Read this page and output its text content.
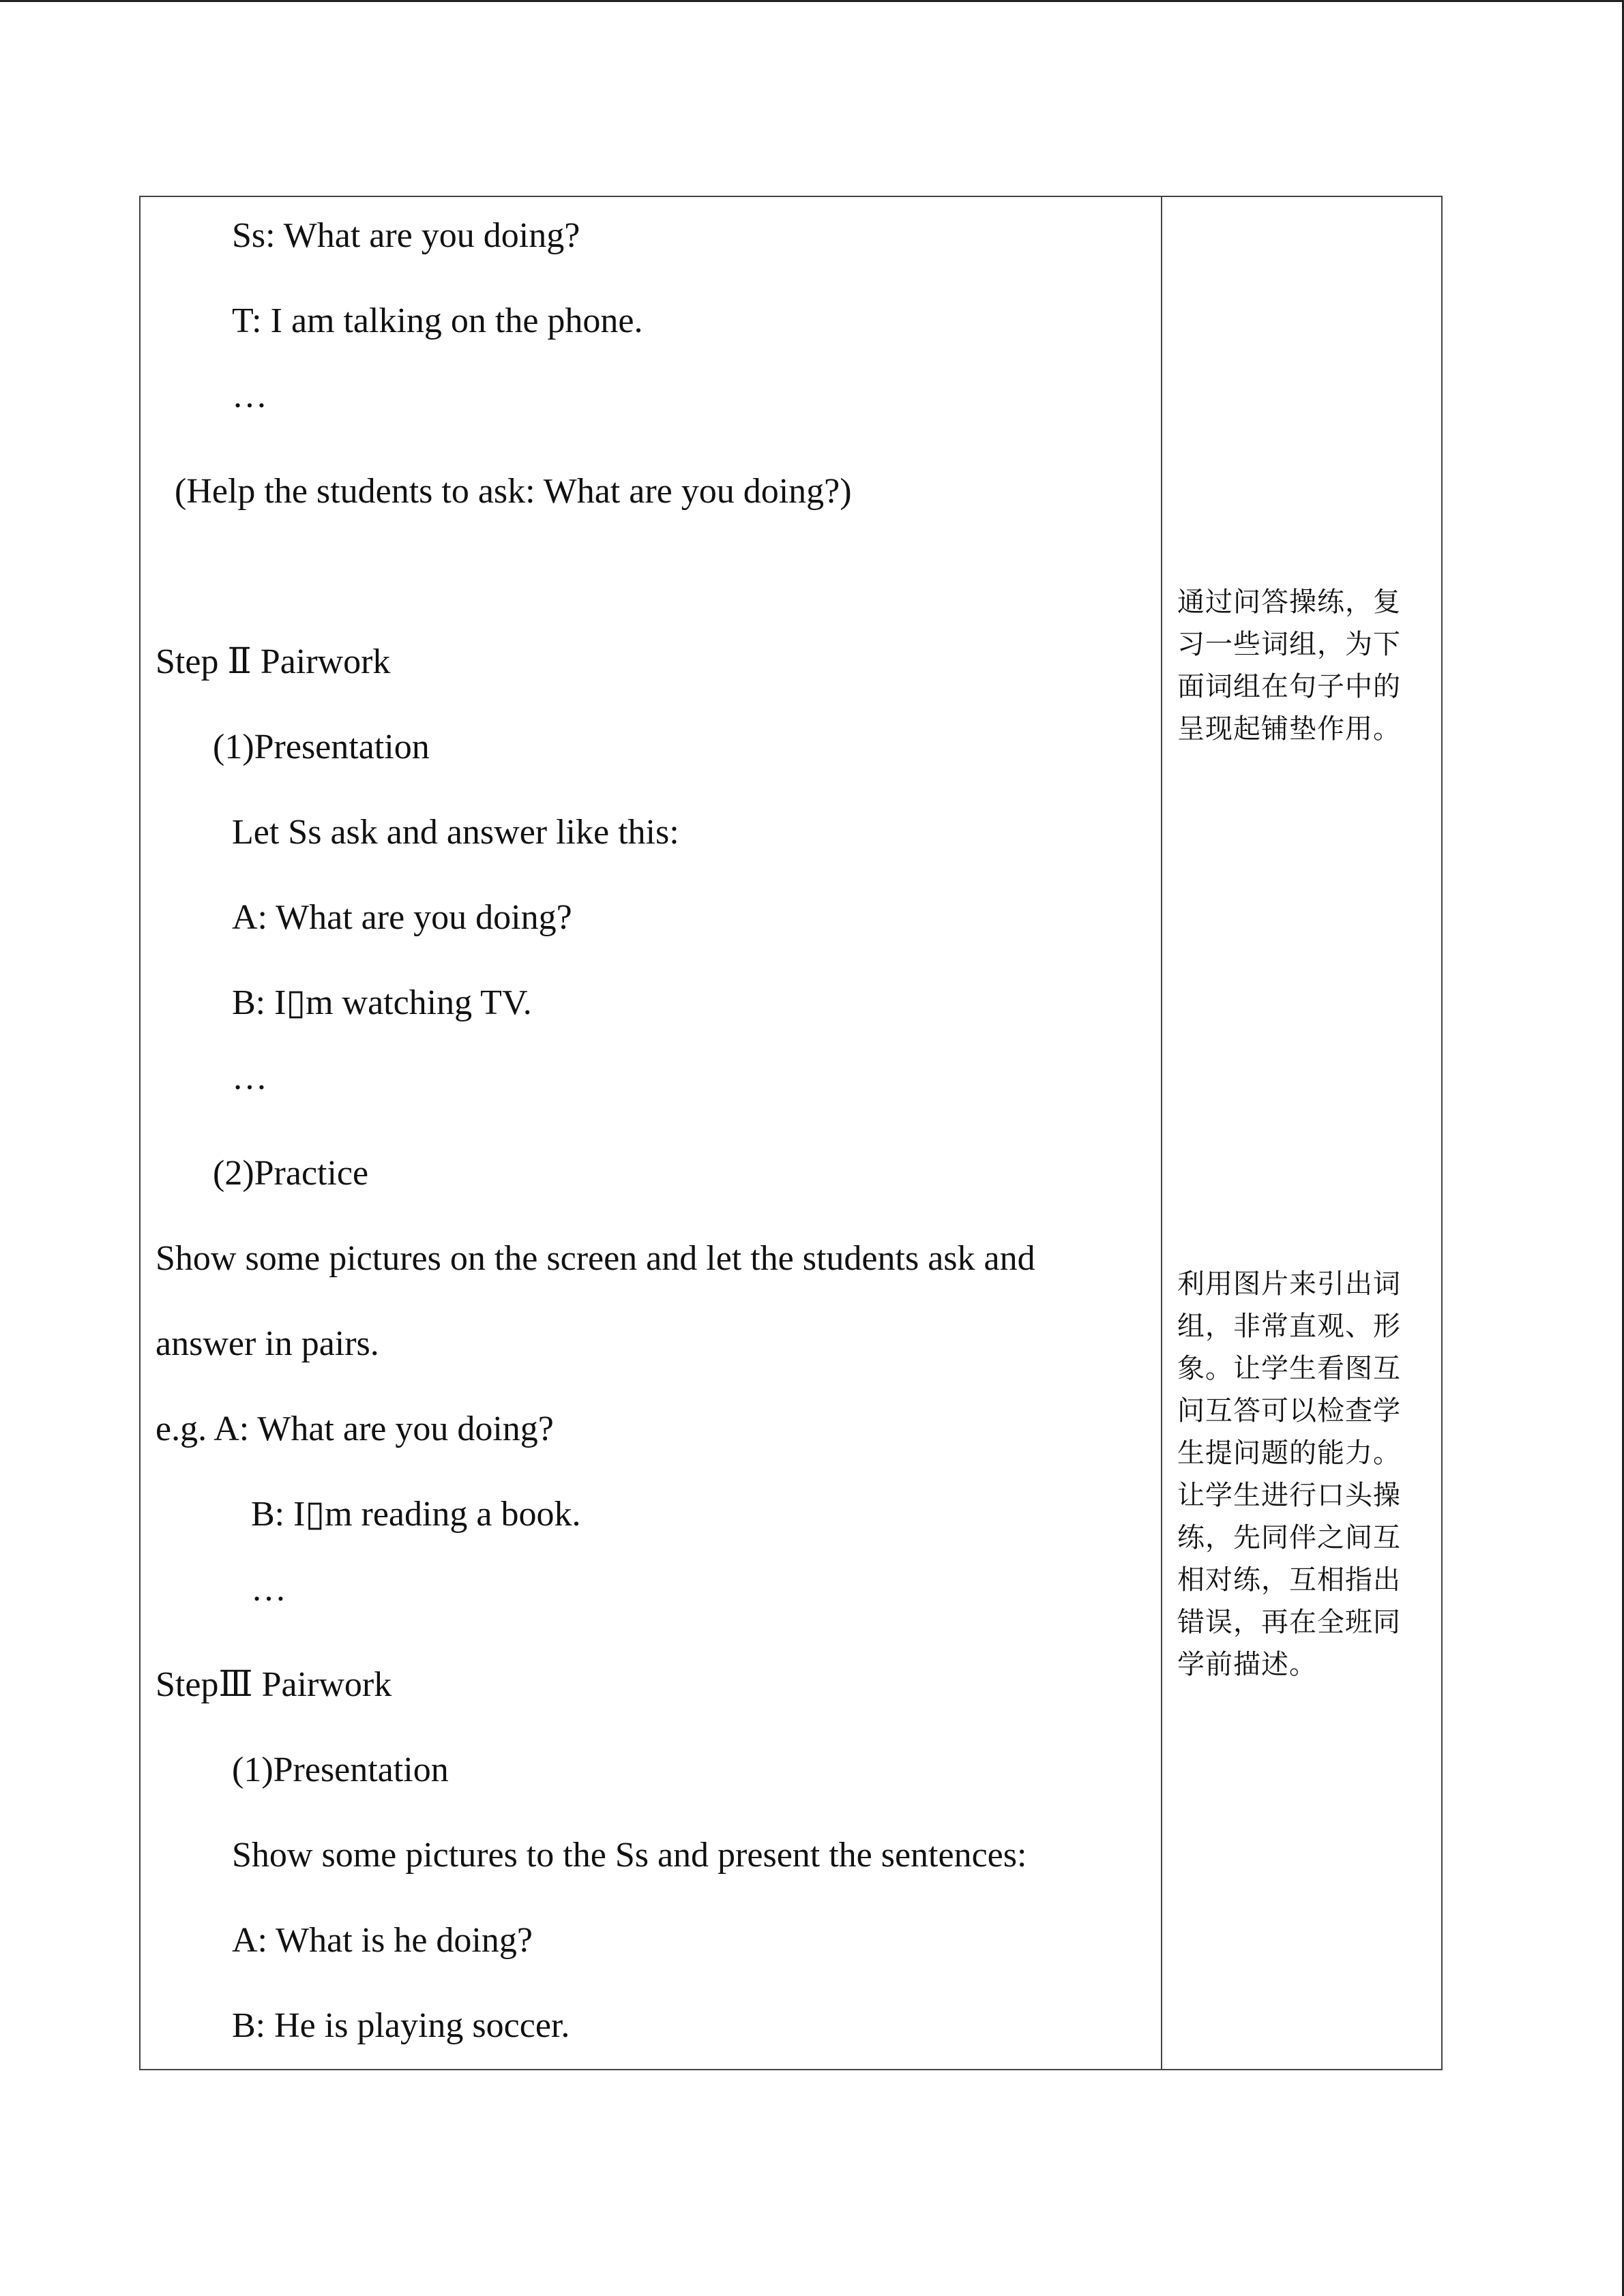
Ss: What are you doing?
T: I am talking on the phone.
…
(Help the students to ask: What are you doing?)
Step Ⅱ Pairwork
(1)Presentation
Let Ss ask and answer like this:
A: What are you doing?
B: I▯m watching TV.
…
(2)Practice
Show some pictures on the screen and let the students ask and
answer in pairs.
e.g. A: What are you doing?
B: I▯m reading a book.
…
StepⅢ Pairwork
(1)Presentation
Show some pictures to the Ss and present the sentences:
A: What is he doing?
B: He is playing soccer.
通过问答操练，复习一些词组，为下面词组在句子中的呈现起铺垫作用。
利用图片来引出词组，非常直观、形象。让学生看图互问互答可以检查学生提问题的能力。让学生进行口头操练，先同伴之间互相对练，互相指出错误，再在全班同学前描述。
